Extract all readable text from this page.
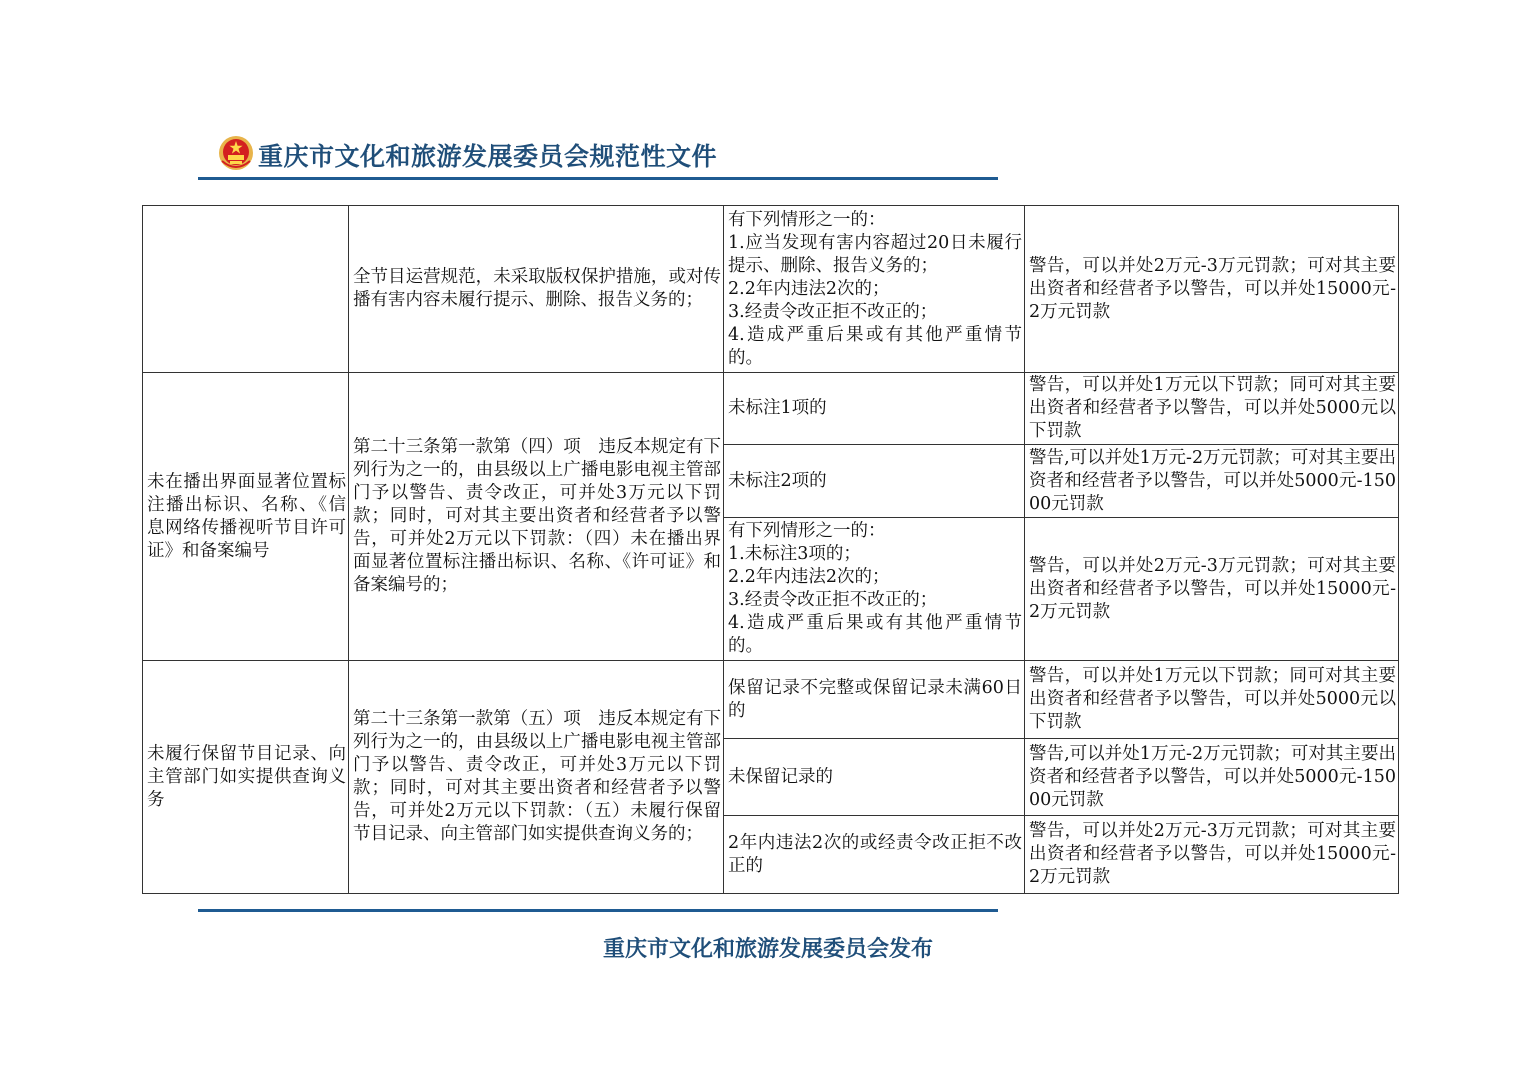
重庆市文化和旅游发展委员会规范性文件
	全节目运营规范，未采取版权保护措施，或对传播有害内容未履行提示、删除、报告义务的；	有下列情形之一的：
1.应当发现有害内容超过20日未履行提示、删除、报告义务的；
2.2年内违法2次的；
3.经责令改正拒不改正的；
4.造成严重后果或有其他严重情节的。	警告，可以并处2万元-3万元罚款；可对其主要出资者和经营者予以警告，可以并处15000元-2万元罚款
未在播出界面显著位置标注播出标识、名称、《信息网络传播视听节目许可证》和备案编号	第二十三条第一款第（四）项　违反本规定有下列行为之一的，由县级以上广播电影电视主管部门予以警告、责令改正，可并处3万元以下罚款；同时，可对其主要出资者和经营者予以警告，可并处2万元以下罚款：（四）未在播出界面显著位置标注播出标识、名称、《许可证》和备案编号的；	未标注1项的	警告，可以并处1万元以下罚款；同可对其主要出资者和经营者予以警告，可以并处5000元以下罚款
		未标注2项的	警告,可以并处1万元-2万元罚款；可对其主要出资者和经营者予以警告，可以并处5000元-15000元罚款
		有下列情形之一的：
1.未标注3项的；
2.2年内违法2次的；
3.经责令改正拒不改正的；
4.造成严重后果或有其他严重情节的。	警告，可以并处2万元-3万元罚款；可对其主要出资者和经营者予以警告，可以并处15000元-2万元罚款
未履行保留节目记录、向主管部门如实提供查询义务	第二十三条第一款第（五）项　违反本规定有下列行为之一的，由县级以上广播电影电视主管部门予以警告、责令改正，可并处3万元以下罚款；同时，可对其主要出资者和经营者予以警告，可并处2万元以下罚款：（五）未履行保留节目记录、向主管部门如实提供查询义务的；	保留记录不完整或保留记录未满60日的	警告，可以并处1万元以下罚款；同可对其主要出资者和经营者予以警告，可以并处5000元以下罚款
		未保留记录的	警告,可以并处1万元-2万元罚款；可对其主要出资者和经营者予以警告，可以并处5000元-15000元罚款
		2年内违法2次的或经责令改正拒不改正的	警告，可以并处2万元-3万元罚款；可对其主要出资者和经营者予以警告，可以并处15000元-2万元罚款
重庆市文化和旅游发展委员会发布
